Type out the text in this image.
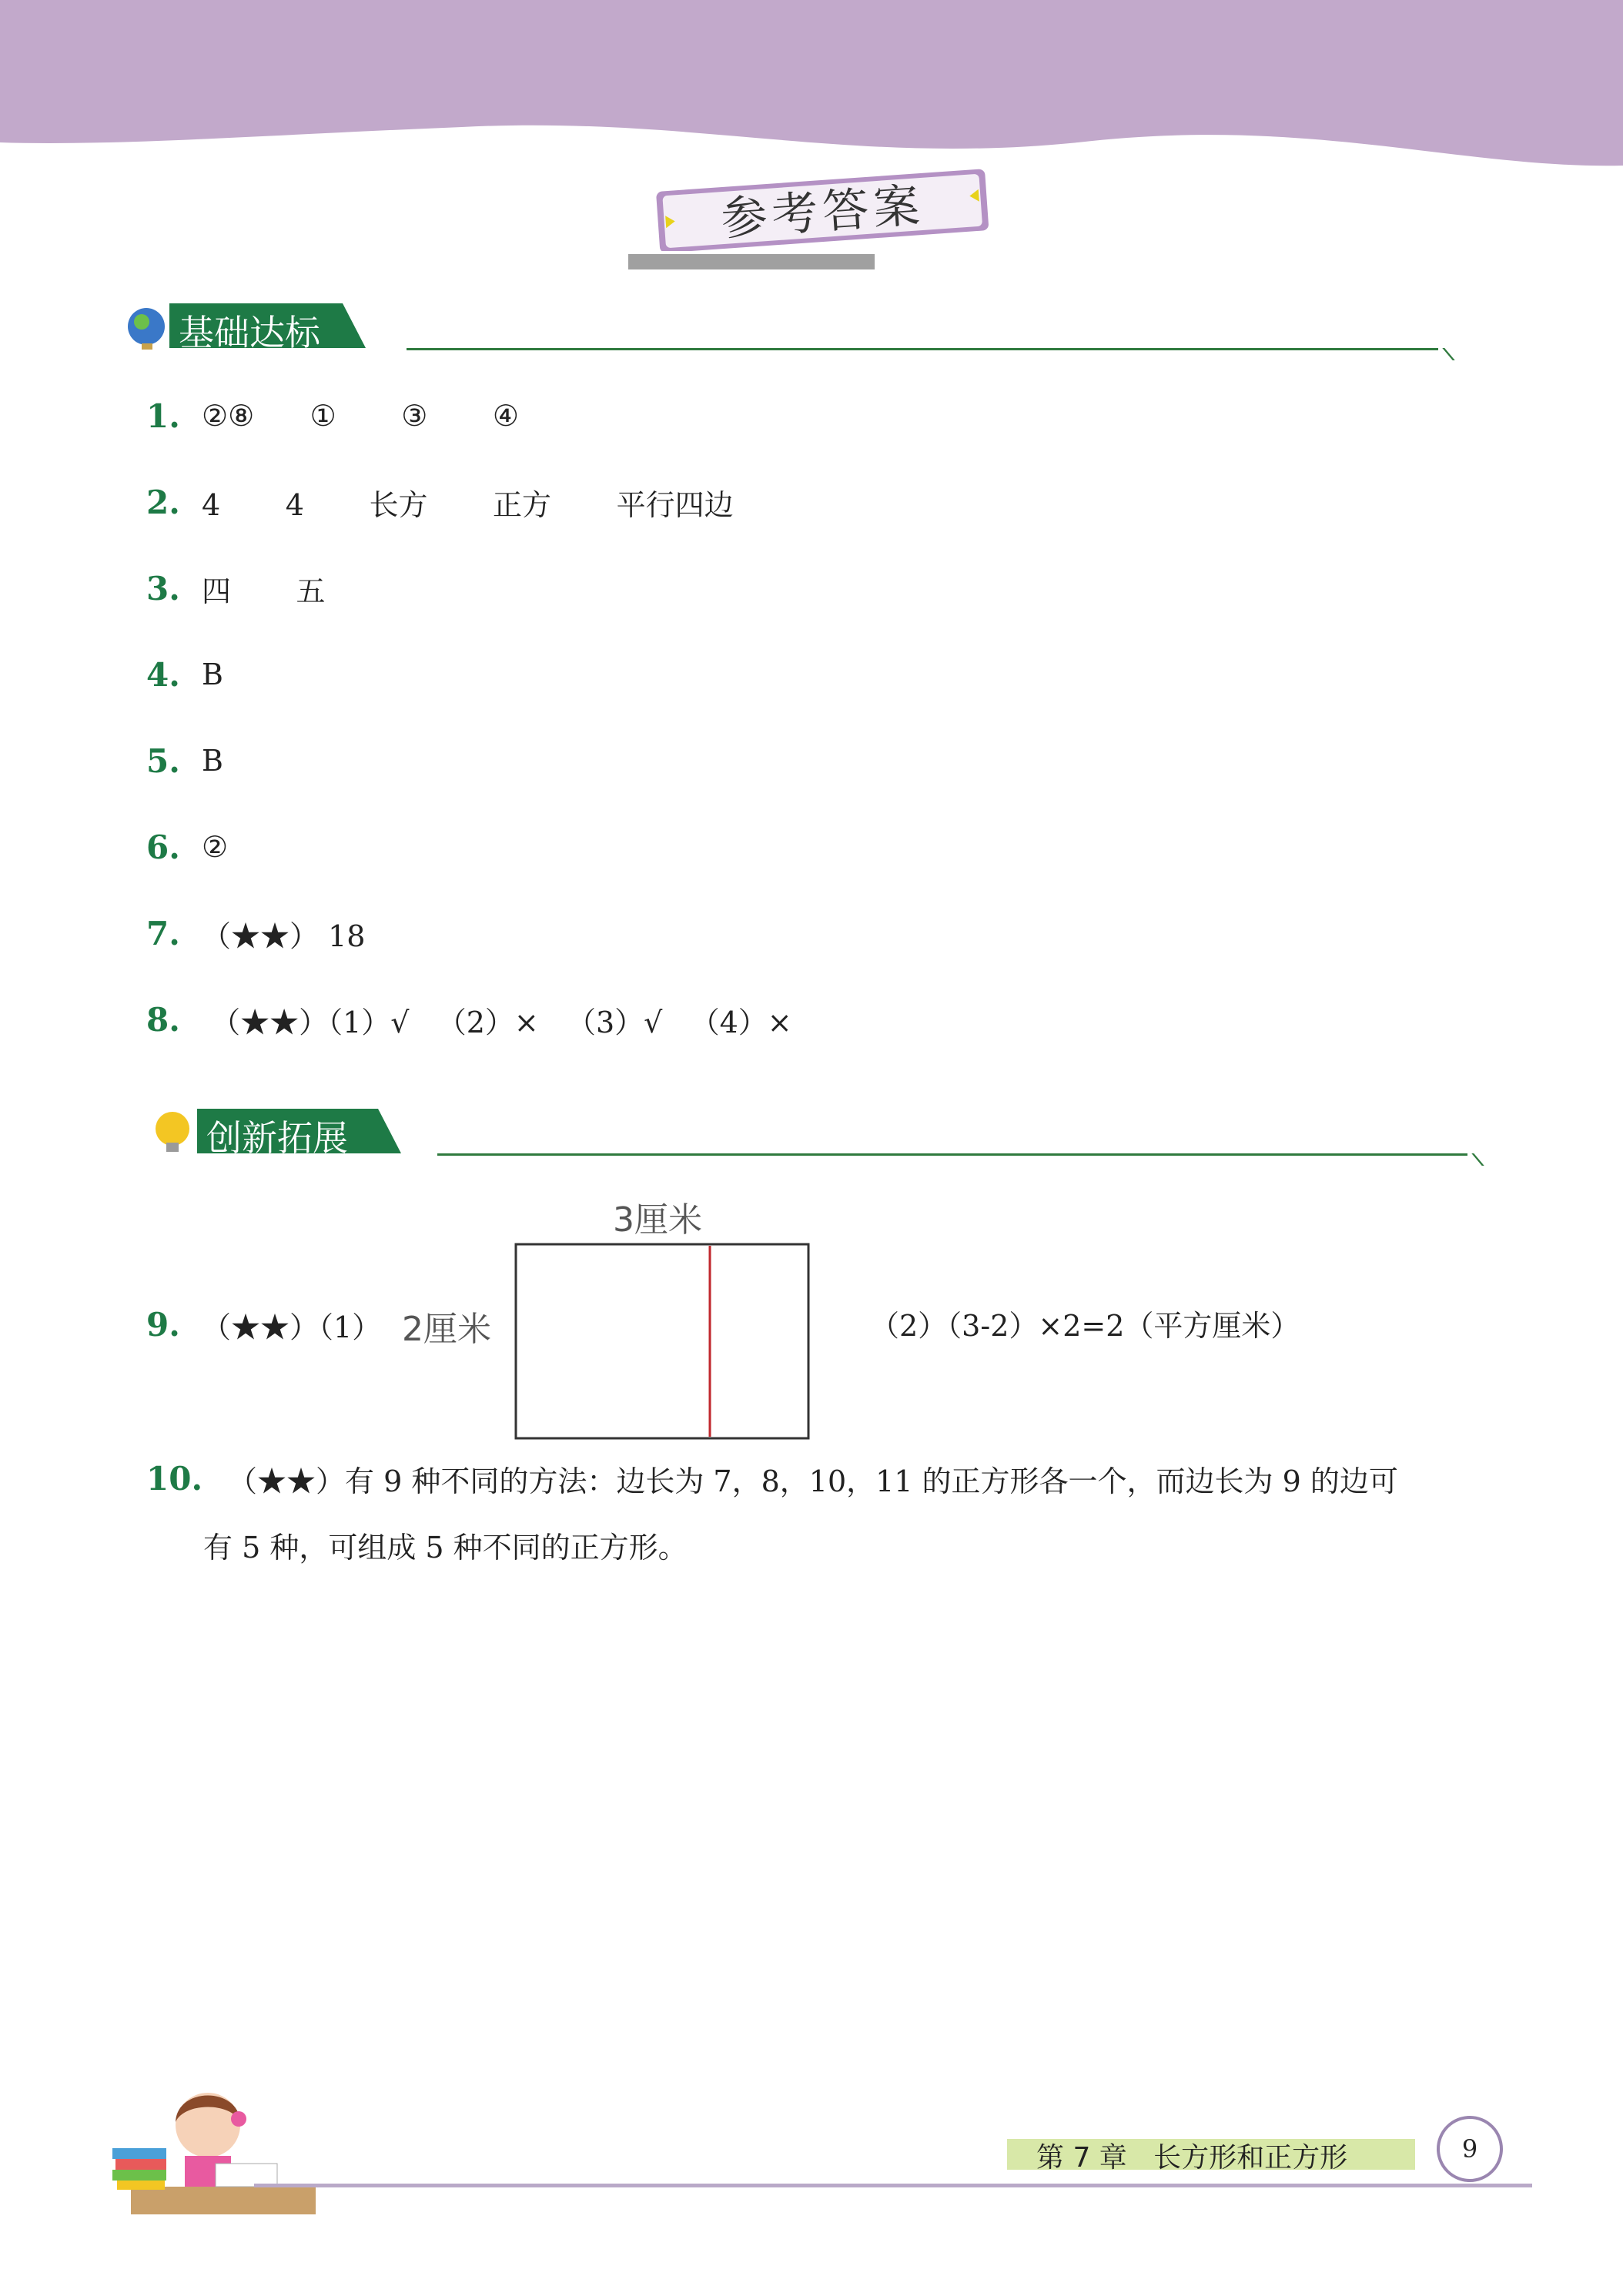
参考答案
基础达标
1. ②⑧      ①       ③       ④
2. 4       4       长方       正方       平行四边
3. 四       五
4. B
5. B
6. ②
7. （★★） 18
8. （★★）（1）√   （2）×   （3）√   （4）×
创新拓展
9. （★★）（1）
3厘米
2厘米	（2）（3-2）×2=2（平方厘米）
10. （★★）有 9 种不同的方法：边长为 7，8，10，11 的正方形各一个，而边长为 9 的边可
有 5 种，可组成 5 种不同的正方形。
第 7 章   长方形和正方形	9
